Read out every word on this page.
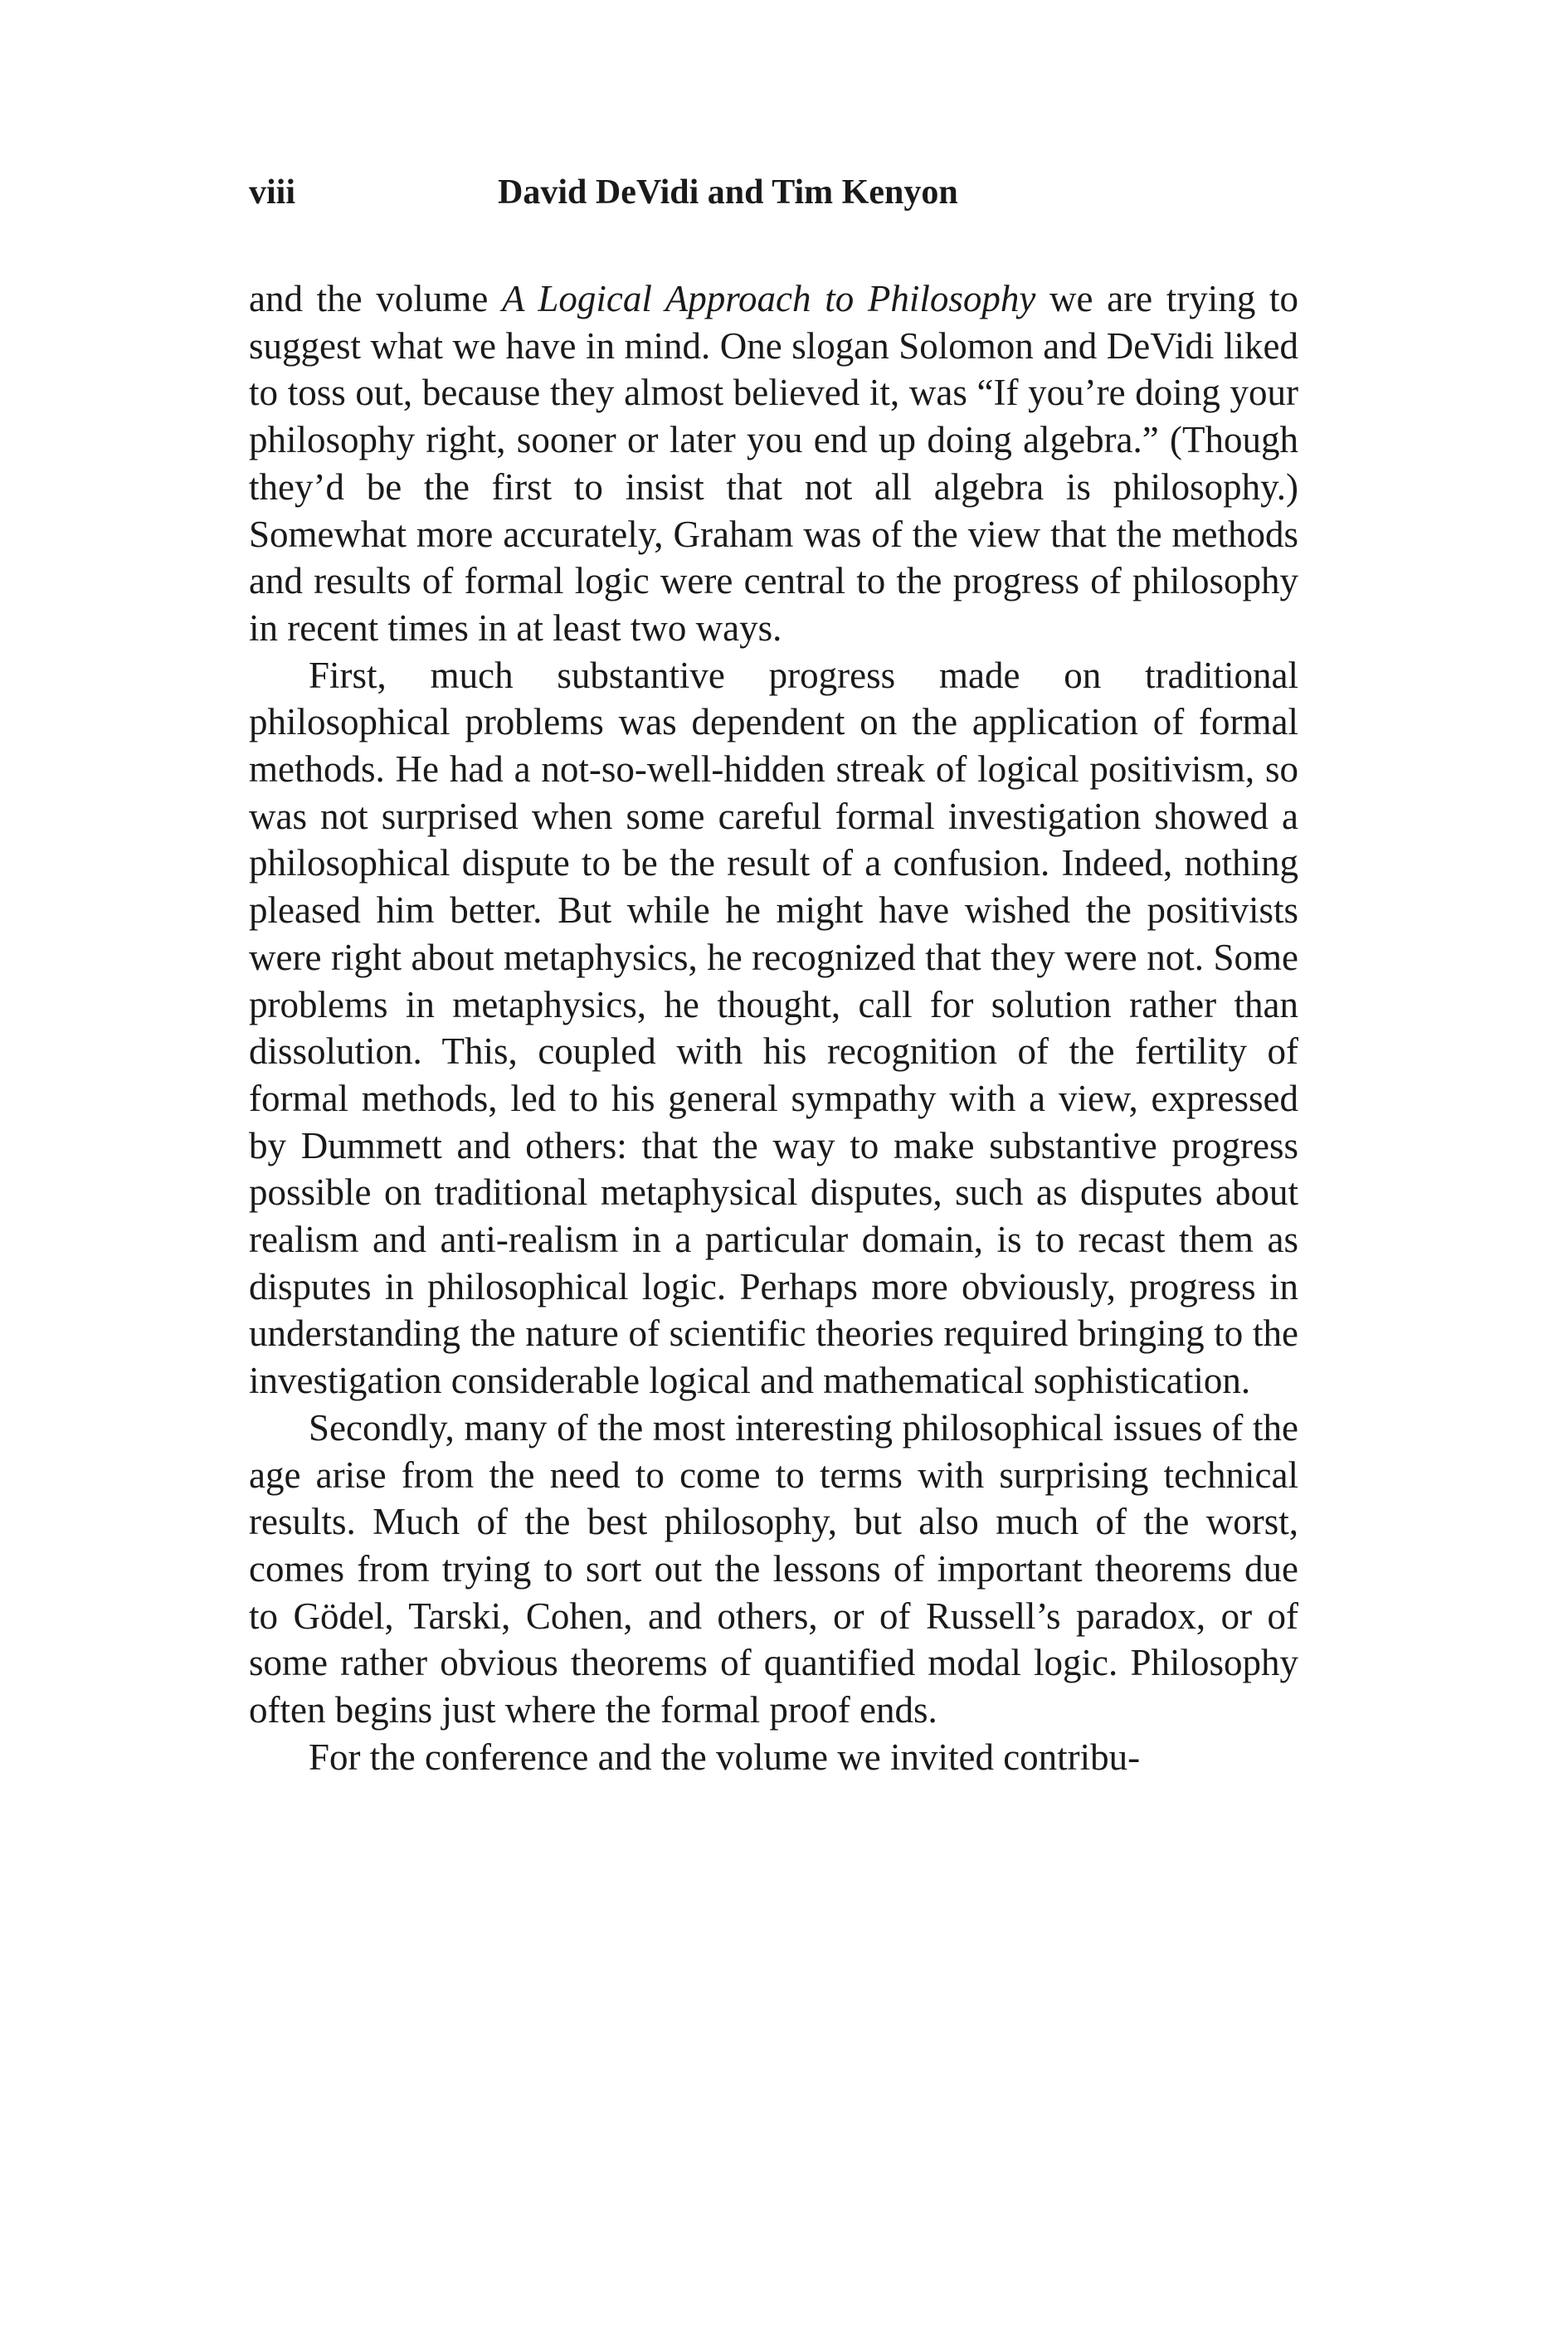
viii	David DeVidi and Tim Kenyon

and the volume A Logical Approach to Philosophy we are trying to suggest what we have in mind. One slogan Solomon and DeVidi liked to toss out, because they almost believed it, was “If you’re doing your philosophy right, sooner or later you end up doing algebra.” (Though they’d be the first to insist that not all algebra is philosophy.) Somewhat more accurately, Graham was of the view that the methods and results of formal logic were central to the progress of philosophy in recent times in at least two ways.

First, much substantive progress made on traditional philosophical problems was dependent on the application of formal methods. He had a not-so-well-hidden streak of logical positivism, so was not surprised when some careful formal investigation showed a philosophical dispute to be the result of a confusion. Indeed, nothing pleased him better. But while he might have wished the positivists were right about metaphysics, he recognized that they were not. Some problems in metaphysics, he thought, call for solution rather than dissolution. This, coupled with his recognition of the fertility of formal methods, led to his general sympathy with a view, expressed by Dummett and others: that the way to make substantive progress possible on traditional metaphysical disputes, such as disputes about realism and anti-realism in a particular domain, is to recast them as disputes in philosophical logic. Perhaps more obviously, progress in understanding the nature of scientific theories required bringing to the investigation considerable logical and mathematical sophistication.

Secondly, many of the most interesting philosophical issues of the age arise from the need to come to terms with surprising technical results. Much of the best philosophy, but also much of the worst, comes from trying to sort out the lessons of important theorems due to Gödel, Tarski, Cohen, and others, or of Russell’s paradox, or of some rather obvious theorems of quantified modal logic. Philosophy often begins just where the formal proof ends.

For the conference and the volume we invited contribu-
